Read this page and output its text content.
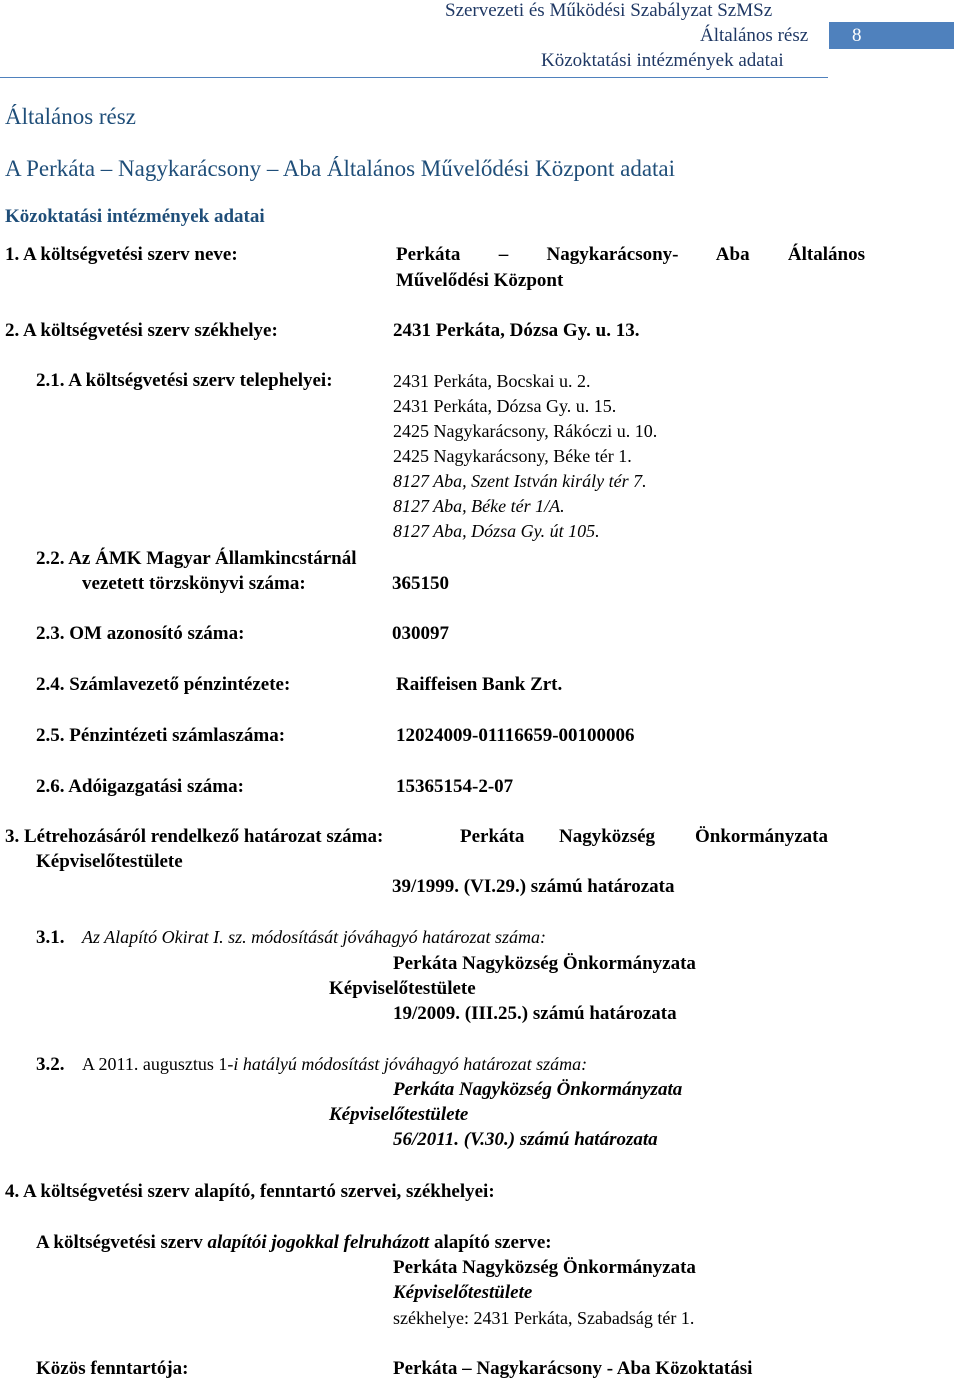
Szervezeti és Működési Szabályzat SzMSz
Általános rész
Közoktatási intézmények adatai
8
Általános rész
A Perkáta – Nagykarácsony – Aba Általános Művelődési Központ adatai
Közoktatási intézmények adatai
1. A költségvetési szerv neve:	Perkáta – Nagykarácsony- Aba Általános
Művelődési Központ
2. A költségvetési szerv székhelye:	2431 Perkáta, Dózsa Gy. u. 13.
2.1. A költségvetési szerv telephelyei:	2431 Perkáta, Bocskai u. 2.
2431 Perkáta, Dózsa Gy. u. 15.
2425 Nagykarácsony, Rákóczi u. 10.
2425 Nagykarácsony, Béke tér 1.
8127 Aba, Szent István király tér 7.
8127 Aba, Béke tér 1/A.
8127 Aba, Dózsa Gy. út 105.
2.2. Az ÁMK Magyar Államkincstárnál
vezetett törzskönyvi száma:	365150
2.3. OM azonosító száma:	030097
2.4. Számlavezető pénzintézete:	Raiffeisen Bank Zrt.
2.5. Pénzintézeti számlaszáma:	12024009-01116659-00100006
2.6. Adóigazgatási száma:	15365154-2-07
3. Létrehozásáról rendelkező határozat száma:	Perkáta Nagyközség Önkormányzata
Képviselőtestülete
39/1999. (VI.29.) számú határozata
3.1. Az Alapító Okirat I. sz. módosítását jóváhagyó határozat száma:
Perkáta Nagyközség Önkormányzata
Képviselőtestülete
19/2009. (III.25.) számú határozata
3.2. A 2011. augusztus 1-i hatályú módosítást jóváhagyó határozat száma:
Perkáta Nagyközség Önkormányzata
Képviselőtestülete
56/2011. (V.30.) számú határozata
4. A költségvetési szerv alapító, fenntartó szervei, székhelyei:
A költségvetési szerv alapítói jogokkal felruházott alapító szerve:
Perkáta Nagyközség Önkormányzata
Képviselőtestülete
székhelye: 2431 Perkáta, Szabadság tér 1.
Közös fenntartója:	Perkáta – Nagykarácsony - Aba Közoktatási
